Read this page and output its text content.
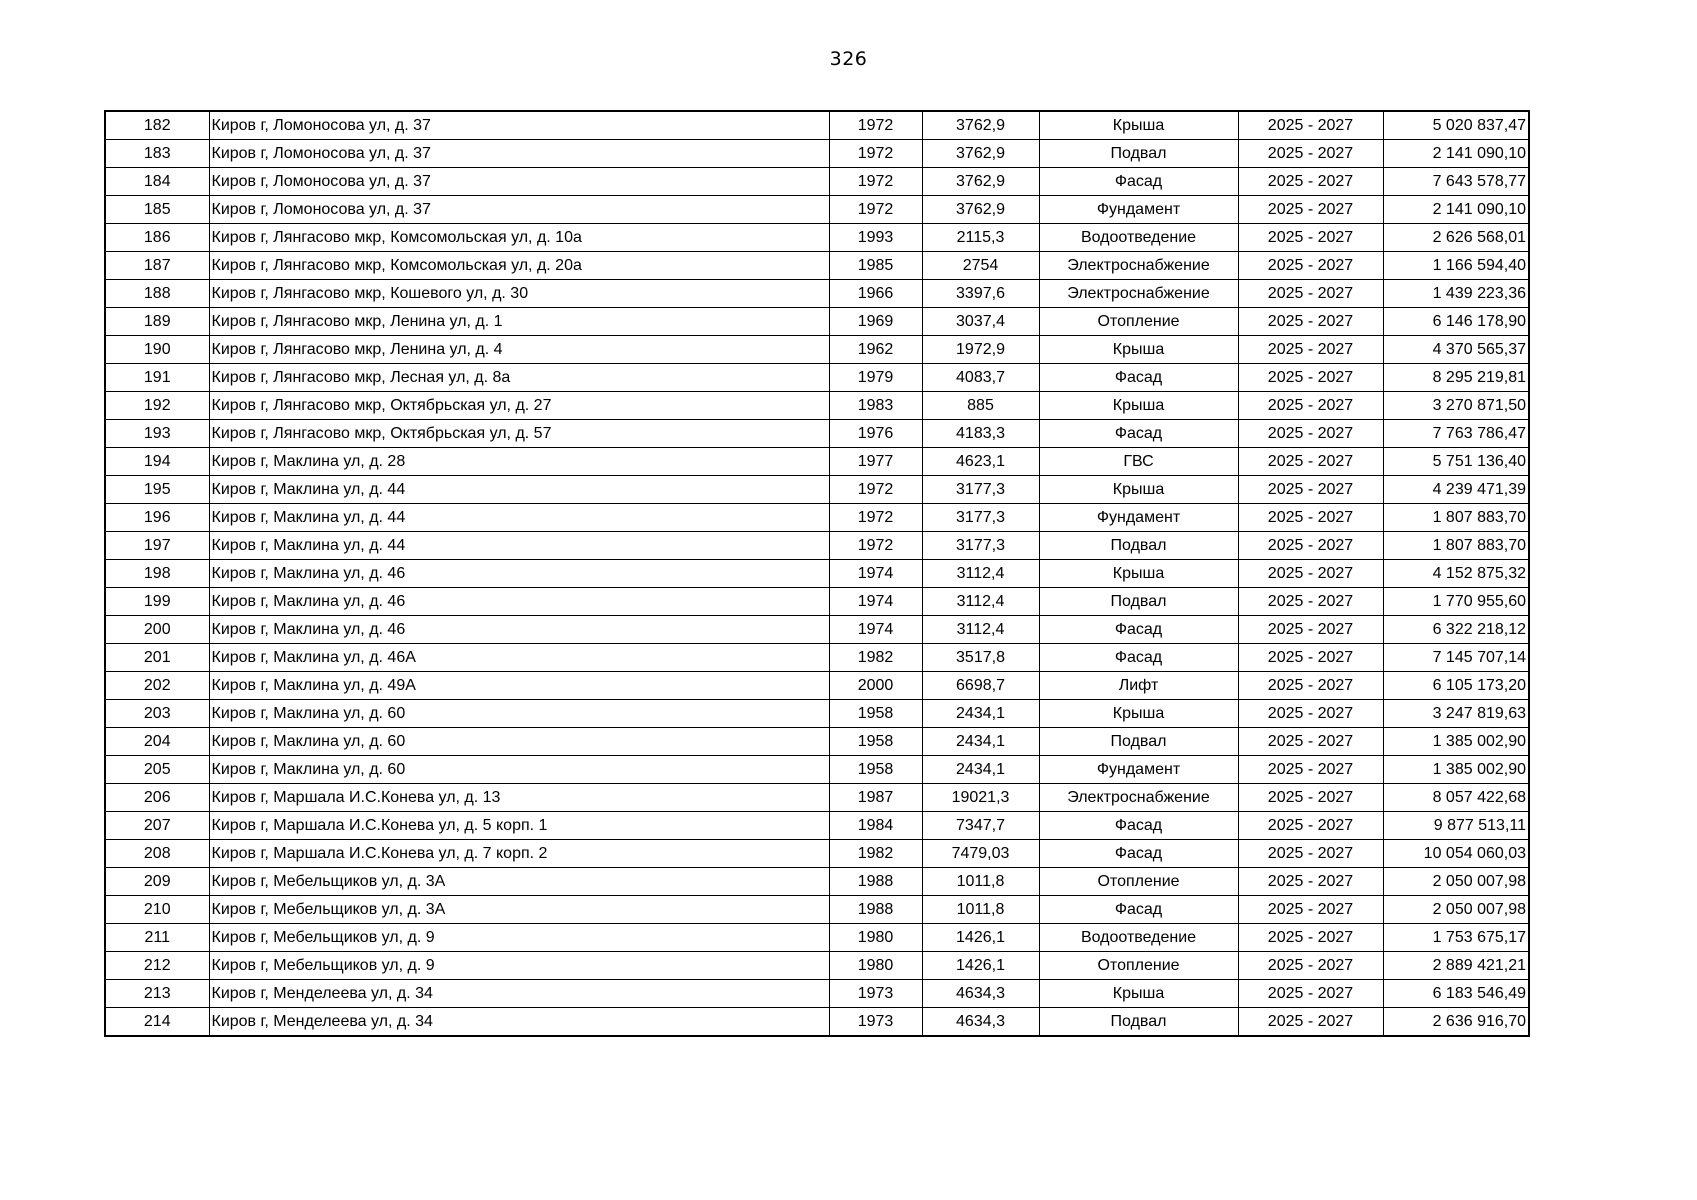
326
182	Киров г, Ломоносова ул, д. 37	1972	3762,9	Крыша	2025 - 2027	5 020 837,47
183	Киров г, Ломоносова ул, д. 37	1972	3762,9	Подвал	2025 - 2027	2 141 090,10
184	Киров г, Ломоносова ул, д. 37	1972	3762,9	Фасад	2025 - 2027	7 643 578,77
185	Киров г, Ломоносова ул, д. 37	1972	3762,9	Фундамент	2025 - 2027	2 141 090,10
186	Киров г, Лянгасово мкр, Комсомольская ул, д. 10а	1993	2115,3	Водоотведение	2025 - 2027	2 626 568,01
187	Киров г, Лянгасово мкр, Комсомольская ул, д. 20а	1985	2754	Электроснабжение	2025 - 2027	1 166 594,40
188	Киров г, Лянгасово мкр, Кошевого ул, д. 30	1966	3397,6	Электроснабжение	2025 - 2027	1 439 223,36
189	Киров г, Лянгасово мкр, Ленина ул, д. 1	1969	3037,4	Отопление	2025 - 2027	6 146 178,90
190	Киров г, Лянгасово мкр, Ленина ул, д. 4	1962	1972,9	Крыша	2025 - 2027	4 370 565,37
191	Киров г, Лянгасово мкр, Лесная ул, д. 8а	1979	4083,7	Фасад	2025 - 2027	8 295 219,81
192	Киров г, Лянгасово мкр, Октябрьская ул, д. 27	1983	885	Крыша	2025 - 2027	3 270 871,50
193	Киров г, Лянгасово мкр, Октябрьская ул, д. 57	1976	4183,3	Фасад	2025 - 2027	7 763 786,47
194	Киров г, Маклина ул, д. 28	1977	4623,1	ГВС	2025 - 2027	5 751 136,40
195	Киров г, Маклина ул, д. 44	1972	3177,3	Крыша	2025 - 2027	4 239 471,39
196	Киров г, Маклина ул, д. 44	1972	3177,3	Фундамент	2025 - 2027	1 807 883,70
197	Киров г, Маклина ул, д. 44	1972	3177,3	Подвал	2025 - 2027	1 807 883,70
198	Киров г, Маклина ул, д. 46	1974	3112,4	Крыша	2025 - 2027	4 152 875,32
199	Киров г, Маклина ул, д. 46	1974	3112,4	Подвал	2025 - 2027	1 770 955,60
200	Киров г, Маклина ул, д. 46	1974	3112,4	Фасад	2025 - 2027	6 322 218,12
201	Киров г, Маклина ул, д. 46А	1982	3517,8	Фасад	2025 - 2027	7 145 707,14
202	Киров г, Маклина ул, д. 49А	2000	6698,7	Лифт	2025 - 2027	6 105 173,20
203	Киров г, Маклина ул, д. 60	1958	2434,1	Крыша	2025 - 2027	3 247 819,63
204	Киров г, Маклина ул, д. 60	1958	2434,1	Подвал	2025 - 2027	1 385 002,90
205	Киров г, Маклина ул, д. 60	1958	2434,1	Фундамент	2025 - 2027	1 385 002,90
206	Киров г, Маршала И.С.Конева ул, д. 13	1987	19021,3	Электроснабжение	2025 - 2027	8 057 422,68
207	Киров г, Маршала И.С.Конева ул, д. 5 корп. 1	1984	7347,7	Фасад	2025 - 2027	9 877 513,11
208	Киров г, Маршала И.С.Конева ул, д. 7 корп. 2	1982	7479,03	Фасад	2025 - 2027	10 054 060,03
209	Киров г, Мебельщиков ул, д. 3А	1988	1011,8	Отопление	2025 - 2027	2 050 007,98
210	Киров г, Мебельщиков ул, д. 3А	1988	1011,8	Фасад	2025 - 2027	2 050 007,98
211	Киров г, Мебельщиков ул, д. 9	1980	1426,1	Водоотведение	2025 - 2027	1 753 675,17
212	Киров г, Мебельщиков ул, д. 9	1980	1426,1	Отопление	2025 - 2027	2 889 421,21
213	Киров г, Менделеева ул, д. 34	1973	4634,3	Крыша	2025 - 2027	6 183 546,49
214	Киров г, Менделеева ул, д. 34	1973	4634,3	Подвал	2025 - 2027	2 636 916,70
